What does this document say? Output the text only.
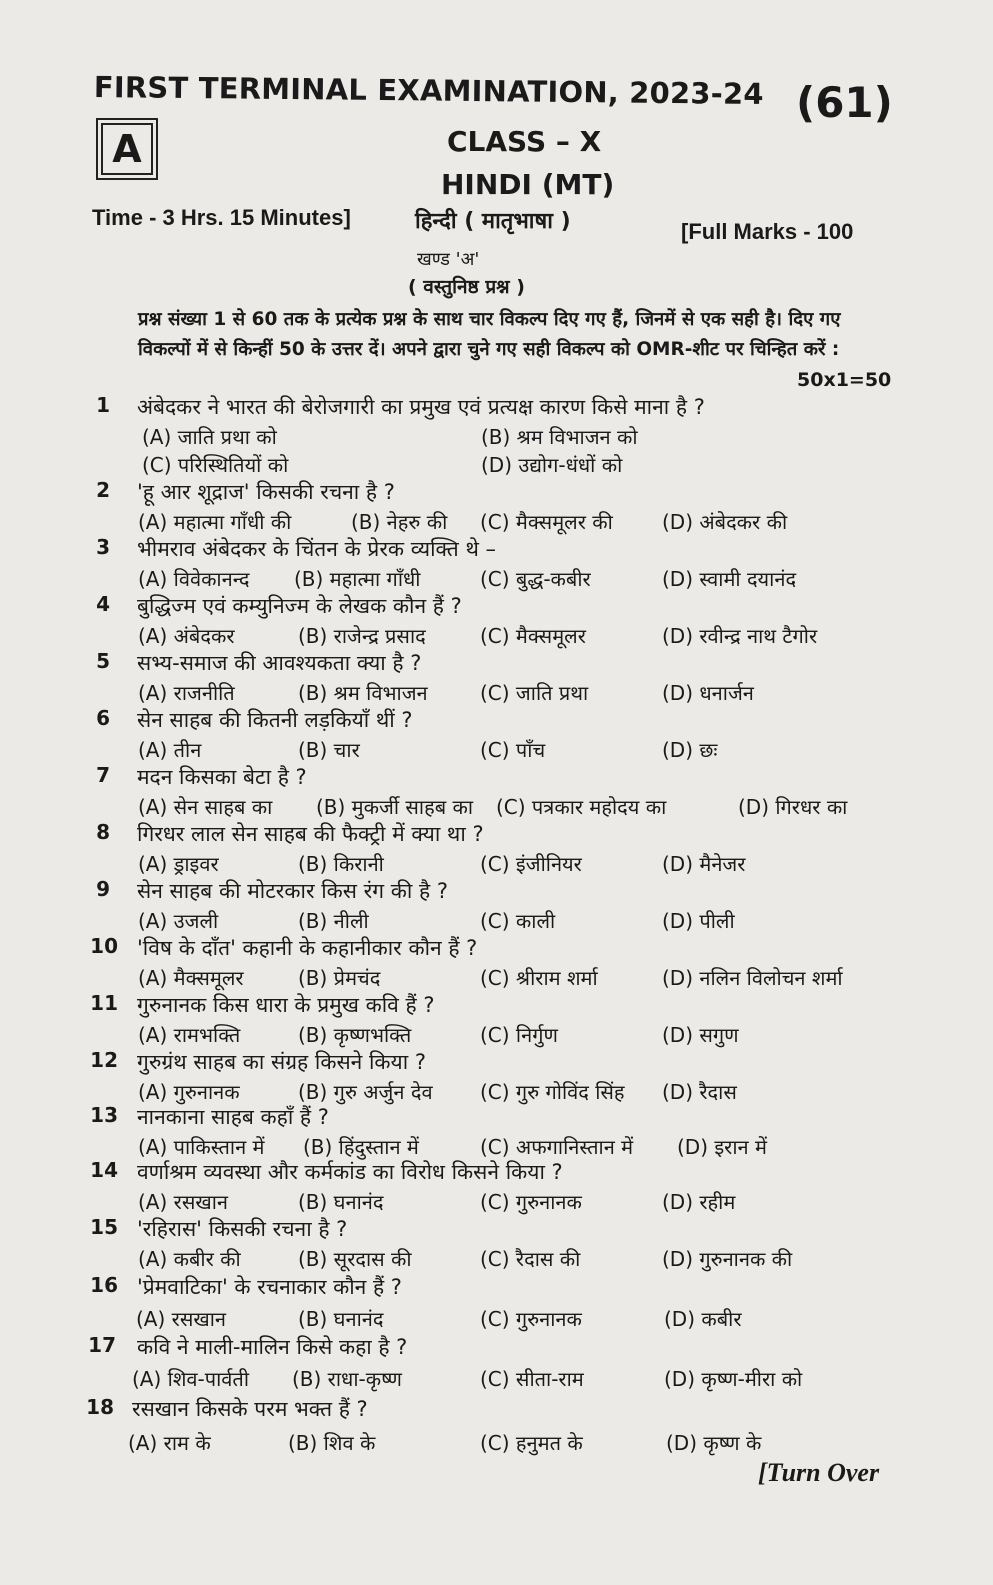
FIRST TERMINAL EXAMINATION, 2023-24 (61)
A	CLASS – X
HINDI (MT)
Time - 3 Hrs. 15 Minutes]	हिन्दी ( मातृभाषा )	[Full Marks - 100
खण्ड 'अ'
( वस्तुनिष्ठ प्रश्न )
प्रश्न संख्या 1 से 60 तक के प्रत्येक प्रश्न के साथ चार विकल्प दिए गए हैं, जिनमें से एक सही है। दिए गए विकल्पों में से किन्हीं 50 के उत्तर दें। अपने द्वारा चुने गए सही विकल्प को OMR-शीट पर चिन्हित करें :
50x1=50
1 अंबेदकर ने भारत की बेरोजगारी का प्रमुख एवं प्रत्यक्ष कारण किसे माना है ?
(A) जाति प्रथा को	(B) श्रम विभाजन को
(C) परिस्थितियों को	(D) उद्योग-धंधों को
2 'हू आर शूद्राज' किसकी रचना है ?
(A) महात्मा गाँधी की	(B) नेहरु की (C) मैक्समूलर की (D) अंबेदकर की
3 भीमराव अंबेदकर के चिंतन के प्रेरक व्यक्ति थे –
(A) विवेकानन्द (B) महात्मा गाँधी	(C) बुद्ध-कबीर	(D) स्वामी दयानंद
4 बुद्धिज्म एवं कम्युनिज्म के लेखक कौन हैं ?
(A) अंबेदकर	(B) राजेन्द्र प्रसाद	(C) मैक्समूलर	(D) रवीन्द्र नाथ टैगोर
5 सभ्य-समाज की आवश्यकता क्या है ?
(A) राजनीति	(B) श्रम विभाजन	(C) जाति प्रथा	(D) धनार्जन
6 सेन साहब की कितनी लड़कियाँ थीं ?
(A) तीन	(B) चार	(C) पाँच	(D) छः
7 मदन किसका बेटा है ?
(A) सेन साहब का (B) मुकर्जी साहब का (C) पत्रकार महोदय का	(D) गिरधर का
8 गिरधर लाल सेन साहब की फैक्ट्री में क्या था ?
(A) ड्राइवर	(B) किरानी	(C) इंजीनियर	(D) मैनेजर
9 सेन साहब की मोटरकार किस रंग की है ?
(A) उजली	(B) नीली	(C) काली	(D) पीली
10 'विष के दाँत' कहानी के कहानीकार कौन हैं ?
(A) मैक्समूलर	(B) प्रेमचंद	(C) श्रीराम शर्मा	(D) नलिन विलोचन शर्मा
11 गुरुनानक किस धारा के प्रमुख कवि हैं ?
(A) रामभक्ति	(B) कृष्णभक्ति	(C) निर्गुण	(D) सगुण
12 गुरुग्रंथ साहब का संग्रह किसने किया ?
(A) गुरुनानक	(B) गुरु अर्जुन देव (C) गुरु गोविंद सिंह (D) रैदास
13 नानकाना साहब कहाँ हैं ?
(A) पाकिस्तान में (B) हिंदुस्तान में	(C) अफगानिस्तान में (D) इरान में
14 वर्णाश्रम व्यवस्था और कर्मकांड का विरोध किसने किया ?
(A) रसखान	(B) घनानंद	(C) गुरुनानक	(D) रहीम
15 'रहिरास' किसकी रचना है ?
(A) कबीर की	(B) सूरदास की	(C) रैदास की	(D) गुरुनानक की
16 'प्रेमवाटिका' के रचनाकार कौन हैं ?
(A) रसखान	(B) घनानंद	(C) गुरुनानक	(D) कबीर
17 कवि ने माली-मालिन किसे कहा है ?
(A) शिव-पार्वती (B) राधा-कृष्ण	(C) सीता-राम	(D) कृष्ण-मीरा को
18 रसखान किसके परम भक्त हैं ?
(A) राम के	(B) शिव के	(C) हनुमत के	(D) कृष्ण के
[Turn Over
